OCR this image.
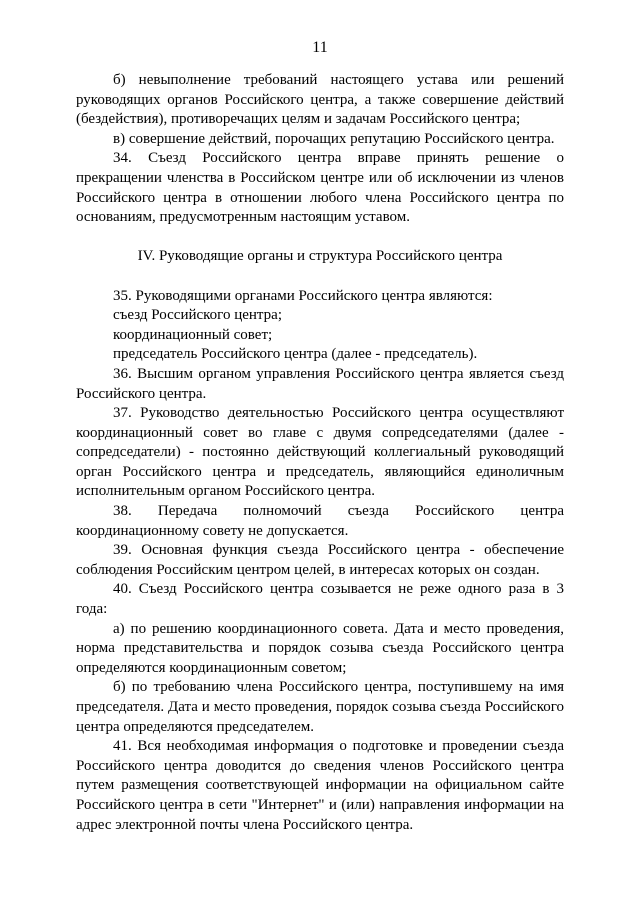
11

б) невыполнение требований настоящего устава или решений руководящих органов Российского центра, а также совершение действий (бездействия), противоречащих целям и задачам Российского центра;

в) совершение действий, порочащих репутацию Российского центра.

34. Съезд Российского центра вправе принять решение о прекращении членства в Российском центре или об исключении из членов Российского центра в отношении любого члена Российского центра по основаниям, предусмотренным настоящим уставом.

IV. Руководящие органы и структура Российского центра

35. Руководящими органами Российского центра являются:

съезд Российского центра;

координационный совет;

председатель Российского центра (далее - председатель).

36. Высшим органом управления Российского центра является съезд Российского центра.

37. Руководство деятельностью Российского центра осуществляют координационный совет во главе с двумя сопредседателями (далее - сопредседатели) - постоянно действующий коллегиальный руководящий орган Российского центра и председатель, являющийся единоличным исполнительным органом Российского центра.

38. Передача полномочий съезда Российского центра координационному совету не допускается.

39. Основная функция съезда Российского центра - обеспечение соблюдения Российским центром целей, в интересах которых он создан.

40. Съезд Российского центра созывается не реже одного раза в 3 года:

а) по решению координационного совета. Дата и место проведения, норма представительства и порядок созыва съезда Российского центра определяются координационным советом;

б) по требованию члена Российского центра, поступившему на имя председателя. Дата и место проведения, порядок созыва съезда Российского центра определяются председателем.

41. Вся необходимая информация о подготовке и проведении съезда Российского центра доводится до сведения членов Российского центра путем размещения соответствующей информации на официальном сайте Российского центра в сети "Интернет" и (или) направления информации на адрес электронной почты члена Российского центра.
